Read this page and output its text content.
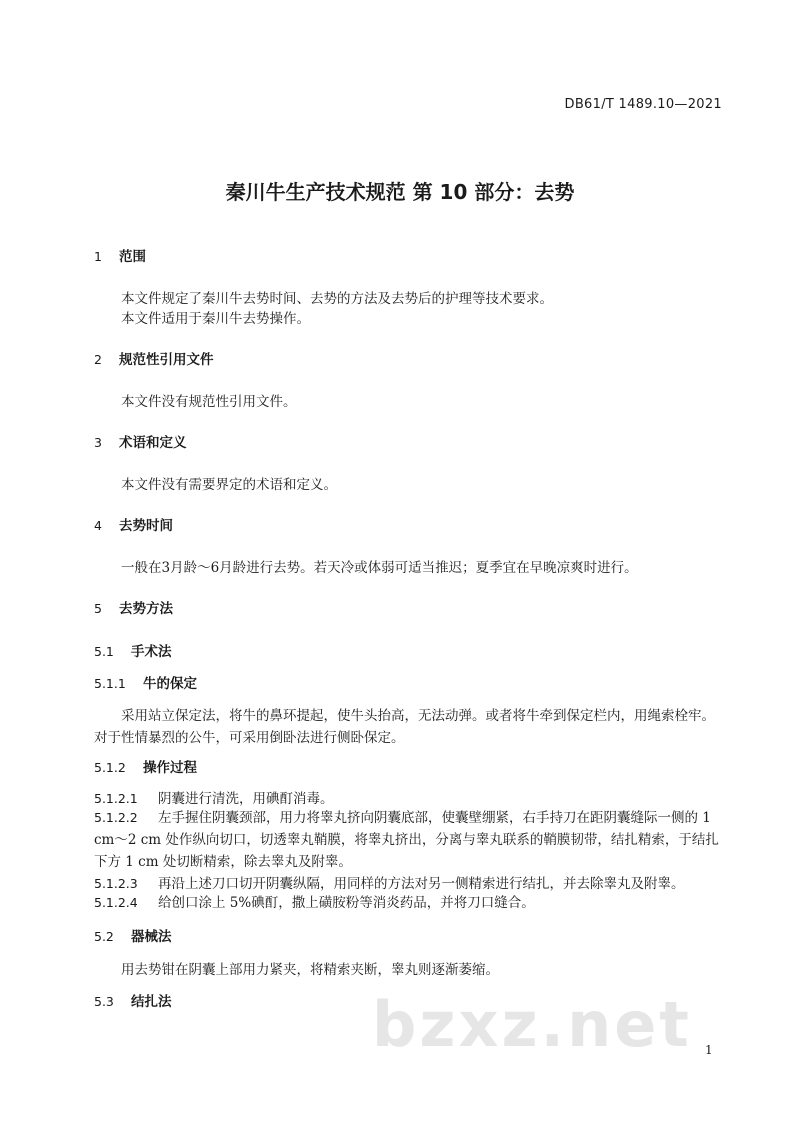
DB61/T 1489.10—2021
秦川牛生产技术规范 第 10 部分：去势
1 范围
本文件规定了秦川牛去势时间、去势的方法及去势后的护理等技术要求。
本文件适用于秦川牛去势操作。
2 规范性引用文件
本文件没有规范性引用文件。
3 术语和定义
本文件没有需要界定的术语和定义。
4 去势时间
一般在3月龄～6月龄进行去势。若天冷或体弱可适当推迟；夏季宜在早晚凉爽时进行。
5 去势方法
5.1 手术法
5.1.1 牛的保定
采用站立保定法，将牛的鼻环提起，使牛头抬高，无法动弹。或者将牛牵到保定栏内，用绳索栓牢。对于性情暴烈的公牛，可采用倒卧法进行侧卧保定。
5.1.2 操作过程
5.1.2.1 阴囊进行清洗，用碘酊消毒。
5.1.2.2 左手握住阴囊颈部，用力将睾丸挤向阴囊底部，使囊壁绷紧，右手持刀在距阴囊缝际一侧的 1 cm～2 cm 处作纵向切口，切透睾丸鞘膜，将睾丸挤出，分离与睾丸联系的鞘膜韧带，结扎精索，于结扎下方 1 cm 处切断精索，除去睾丸及附睾。
5.1.2.3 再沿上述刀口切开阴囊纵隔，用同样的方法对另一侧精索进行结扎，并去除睾丸及附睾。
5.1.2.4 给创口涂上 5%碘酊，撒上磺胺粉等消炎药品，并将刀口缝合。
5.2 器械法
用去势钳在阴囊上部用力紧夹，将精索夹断，睾丸则逐渐萎缩。
5.3 结扎法	bzxz.net 1
